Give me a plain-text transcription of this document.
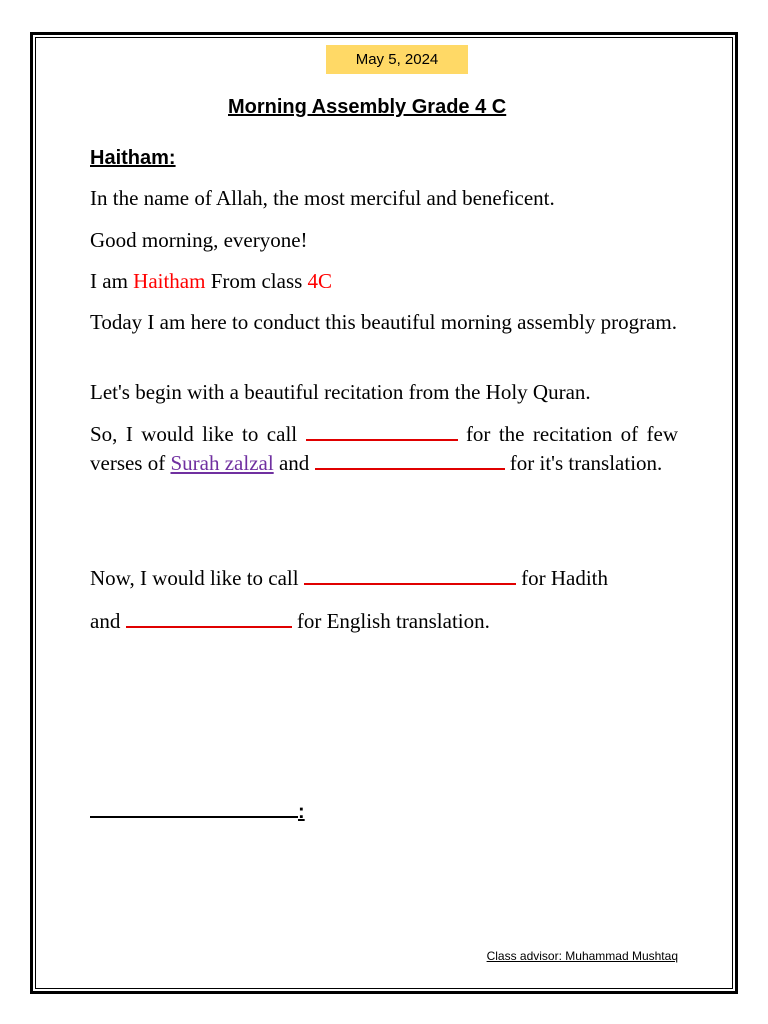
May 5, 2024
Morning Assembly Grade 4 C
Haitham:

In the name of Allah, the most merciful and beneficent.

Good morning, everyone!

I am Haitham From class 4C

Today I am here to conduct this beautiful morning assembly program.

Let's begin with a beautiful recitation from the Holy Quran.

So, I would like to call	for the recitation of few verses of Surah zalzal and	for it's translation.

Now, I would like to call	for Hadith

and	for English translation.

:
Class advisor: Muhammad Mushtaq
